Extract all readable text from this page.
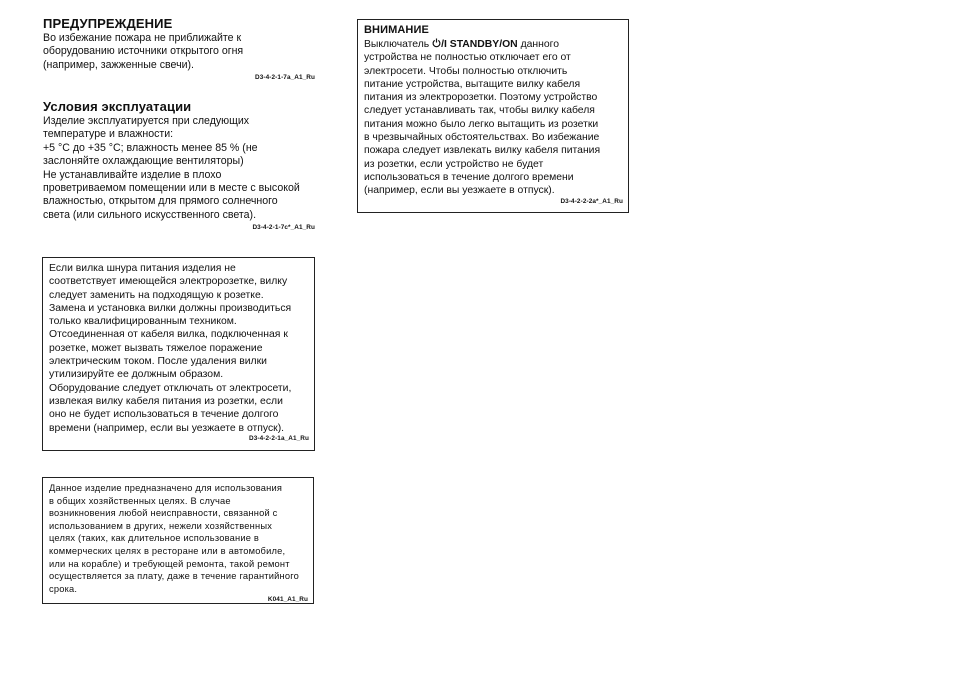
ПРЕДУПРЕЖДЕНИЕ

Во избежание пожара не приближайте к
оборудованию источники открытого огня
(например, зажженные свечи).

D3-4-2-1-7a_A1_Ru
Условия эксплуатации

Изделие эксплуатируется при следующих
температуре и влажности:
+5 °C до +35 °C; влажность менее 85 % (не
заслоняйте охлаждающие вентиляторы)
Не устанавливайте изделие в плохо
проветриваемом помещении или в месте с высокой
влажностью, открытом для прямого солнечного
света (или сильного искусственного света).

D3-4-2-1-7c*_A1_Ru

Если вилка шнура питания изделия не
соответствует имеющейся электророзетке, вилку
следует заменить на подходящую к розетке.
Замена и установка вилки должны производиться
только квалифицированным техником.
Отсоединенная от кабеля вилка, подключенная к
розетке, может вызвать тяжелое поражение
электрическим током. После удаления вилки
утилизируйте ее должным образом.
Оборудование следует отключать от электросети,
извлекая вилку кабеля питания из розетки, если
оно не будет использоваться в течение долгого
времени (например, если вы уезжаете в отпуск).

D3-4-2-2-1a_A1_Ru

Данное изделие предназначено для использования
в общих хозяйственных целях. В случае
возникновения любой неисправности, связанной с
использованием в других, нежели хозяйственных
целях (таких, как длительное использование в
коммерческих целях в ресторане или в автомобиле,
или на корабле) и требующей ремонта, такой ремонт
осуществляется за плату, даже в течение гарантийного
срока.

K041_A1_Ru
ВНИМАНИЕ

Выключатель /I STANDBY/ON данного

устройства не полностью отключает его от
электросети. Чтобы полностью отключить
питание устройства, вытащите вилку кабеля
питания из электророзетки. Поэтому устройство
следует устанавливать так, чтобы вилку кабеля
питания можно было легко вытащить из розетки
в чрезвычайных обстоятельствах. Во избежание
пожара следует извлекать вилку кабеля питания
из розетки, если устройство не будет
использоваться в течение долгого времени
(например, если вы уезжаете в отпуск).

D3-4-2-2-2a*_A1_Ru
